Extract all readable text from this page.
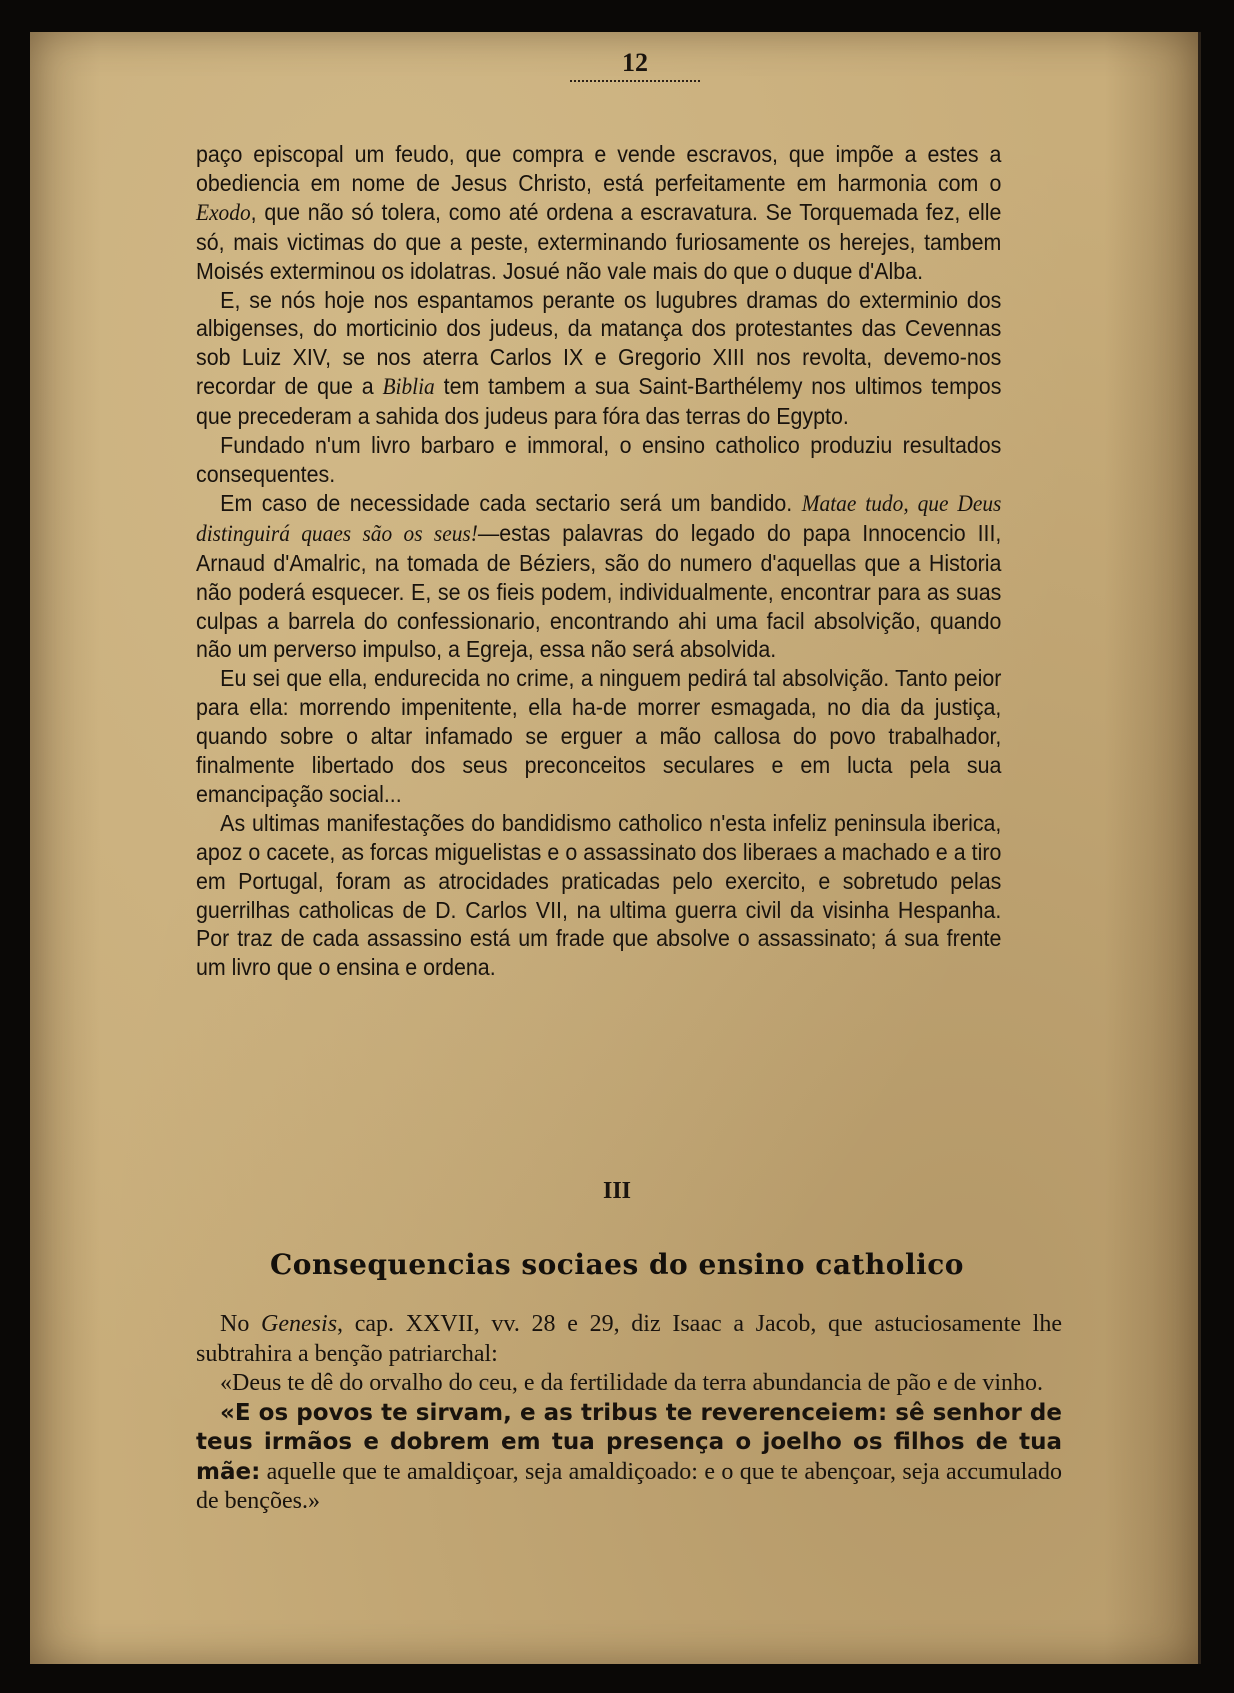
12

paço episcopal um feudo, que compra e vende escravos, que impõe a estes a obediencia em nome de Jesus Christo, está perfeitamente em harmonia com o Exodo, que não só tolera, como até ordena a escravatura. Se Torquemada fez, elle só, mais victimas do que a peste, exterminando furiosamente os herejes, tambem Moisés exterminou os idolatras. Josué não vale mais do que o duque d'Alba.

E, se nós hoje nos espantamos perante os lugubres dramas do exterminio dos albigenses, do morticinio dos judeus, da matança dos protestantes das Cevennas sob Luiz XIV, se nos aterra Carlos IX e Gregorio XIII nos revolta, devemo-nos recordar de que a Biblia tem tambem a sua Saint-Barthélemy nos ultimos tempos que precederam a sahida dos judeus para fóra das terras do Egypto.

Fundado n'um livro barbaro e immoral, o ensino catholico produziu resultados consequentes.

Em caso de necessidade cada sectario será um bandido. Matae tudo, que Deus distinguirá quaes são os seus!—estas palavras do legado do papa Innocencio III, Arnaud d'Amalric, na tomada de Béziers, são do numero d'aquellas que a Historia não poderá esquecer. E, se os fieis podem, individualmente, encontrar para as suas culpas a barrela do confessionario, encontrando ahi uma facil absolvição, quando não um perverso impulso, a Egreja, essa não será absolvida.

Eu sei que ella, endurecida no crime, a ninguem pedirá tal absolvição. Tanto peior para ella: morrendo impenitente, ella ha-de morrer esmagada, no dia da justiça, quando sobre o altar infamado se erguer a mão callosa do povo trabalhador, finalmente libertado dos seus preconceitos seculares e em lucta pela sua emancipação social...

As ultimas manifestações do bandidismo catholico n'esta infeliz peninsula iberica, apoz o cacete, as forcas miguelistas e o assassinato dos liberaes a machado e a tiro em Portugal, foram as atrocidades praticadas pelo exercito, e sobretudo pelas guerrilhas catholicas de D. Carlos VII, na ultima guerra civil da visinha Hespanha. Por traz de cada assassino está um frade que absolve o assassinato; á sua frente um livro que o ensina e ordena.

III
Consequencias sociaes do ensino catholico

No Genesis, cap. XXVII, vv. 28 e 29, diz Isaac a Jacob, que astuciosamente lhe subtrahira a benção patriarchal:

«Deus te dê do orvalho do ceu, e da fertilidade da terra abundancia de pão e de vinho.

«E os povos te sirvam, e as tribus te reverenceiem: sê senhor de teus irmãos e dobrem em tua presença o joelho os filhos de tua mãe: aquelle que te amaldiçoar, seja amaldiçoado: e o que te abençoar, seja accumulado de benções.»
